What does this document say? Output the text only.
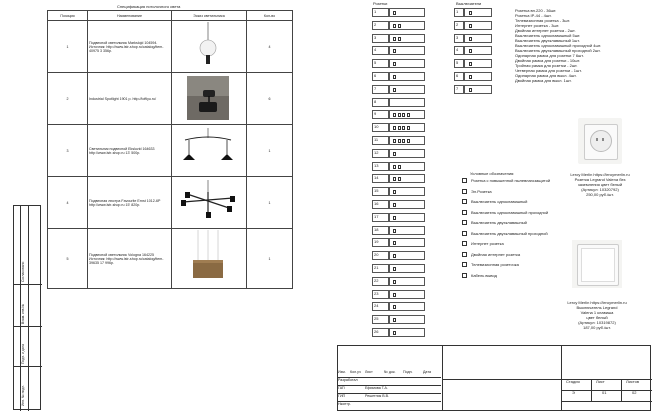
Спецификация потолочного света
Позиция	Наименование	Эскиз светильника	Кол-во
1	Подвесной светильник Markslojd 104594. Источник: http://www.lstr-shop.ru/catalog/item-40975 3 356р.		4
2	Industrial Spotlight 1901 р. http://loftlyu.ru/		6
3	Светильник подвесной Eksluvid 164633 http://www.lstr-shop.ru 13' 500р.		1
4	Подвесная люстра Favourite Ernst 1012-6P http://www.lstr-shop.ru 15' 820р.		1
5	Подвесной светильник Vologna 164225 Источник: http://www.lstr-shop.ru/catalog/item-39635 17 996р.		1
Согласовано
Взам. инв.№
Подп. и дата
Инв. № подл.
Розетки	Выключатели
1
2
3
4
5
6
7
8
9
10
11
12
13
14
15
16
17
18
19
20
21
22
23
24
25
26
1
2
3
4
5
6
7
Розетка вн.220 - 36шт.
Розетка IP-44 - 4шт.
Телевизионная розетка - 3шт.
Интернет розетка - 3шт.
Двойная интернет розетка - 2шт.
Выключатель одноклавишный 5шт.
Выключатель двухклавишный 1шт.
Выключатель одноклавишный проходной 4шт.
Выключатель двухклавишный проходной 2шт.
Одинарная рамка для розетки 7 6шт.
Двойная рамка для розетки - 10шт.
Тройная рамка для розетки - 2шт.
Четверная рамка для розетки - 1шт.
Одинарная рамка для выкл. 4шт.
Двойная рамка для выкл. 1шт.
Leroy Merlin https://leroymerlin.ru
Розетка Legrand Valena без
заземления цвет белый
(Артикул: 10320792)
250,00 руб./шт.
Leroy Merlin https://leroymerlin.ru
Выключатель Legrand
Valena 1 клавиша
цвет белый
(Артикул: 10319872)
187,00 руб./шт.
Условные обозначения:
Розетка с повышенной пылевлагозащитой
Эл.Розетка
Выключатель одноклавишный
Выключатель одноклавишный проходной
Выключатель двухклавишный
Выключатель двухклавишный проходной
Интернет розетка
Двойная интернет розетка
Телевизионная розеточка
Кабель вывод
Изм. Кол.уч Лист	№ док. Подп.	Дата
Разработал
ГАП	Ефимова Т.А.
ГИП	Решетник В.В.
Нконтр.
Стадия	Лист	Листов
Э	01	02
